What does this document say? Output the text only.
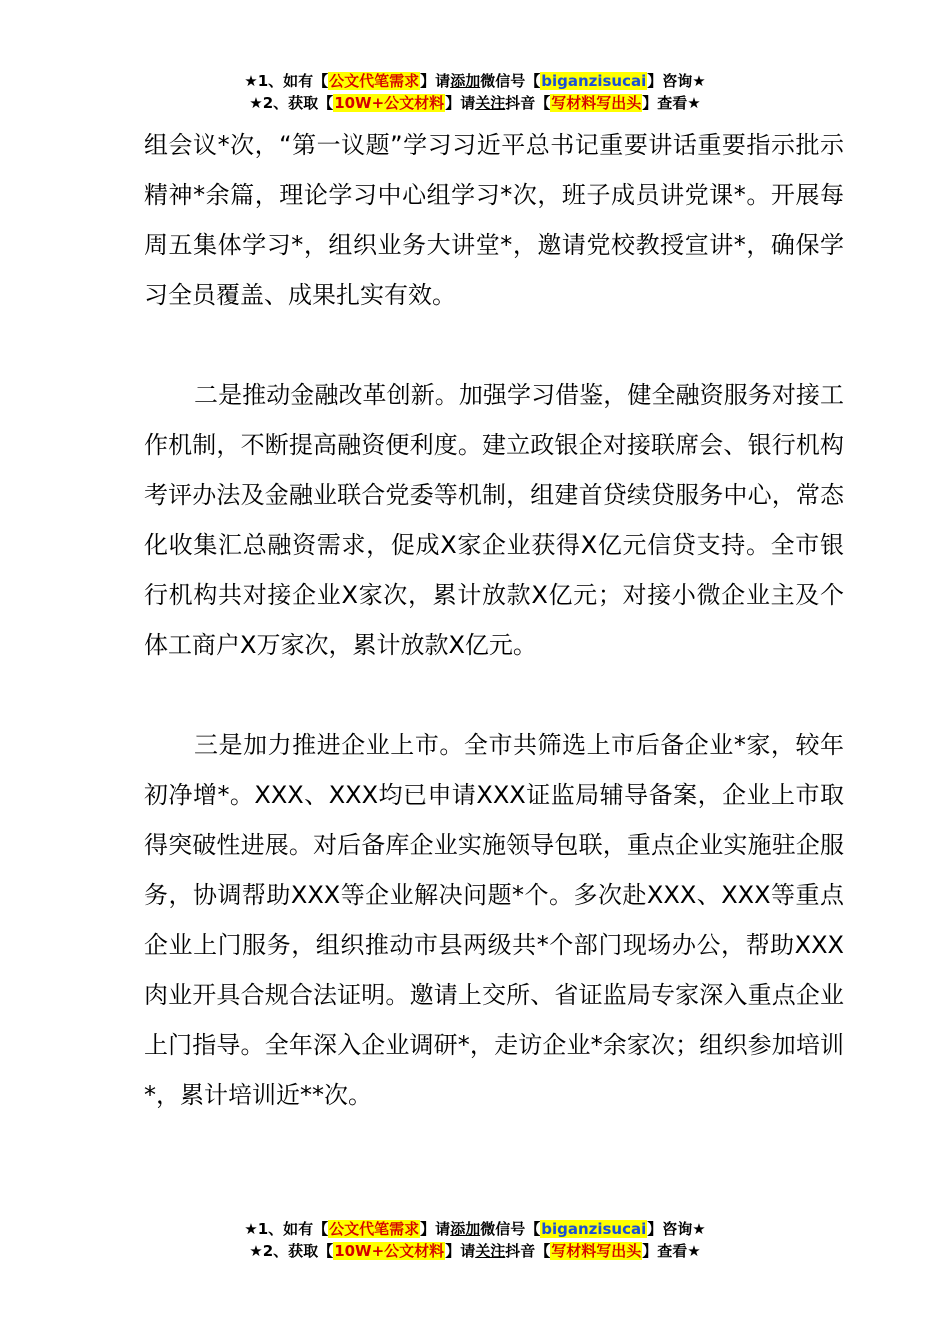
★1、如有【公文代笔需求】请添加微信号【biganzisucai】咨询★
★2、获取【10W+公文材料】请关注抖音【写材料写出头】查看★

组会议*次，“第一议题”学习习近平总书记重要讲话重要指示批示精神*余篇，理论学习中心组学习*次，班子成员讲党课*。开展每周五集体学习*，组织业务大讲堂*，邀请党校教授宣讲*，确保学习全员覆盖、成果扎实有效。

二是推动金融改革创新。加强学习借鉴，健全融资服务对接工作机制，不断提高融资便利度。建立政银企对接联席会、银行机构考评办法及金融业联合党委等机制，组建首贷续贷服务中心，常态化收集汇总融资需求，促成X家企业获得X亿元信贷支持。全市银行机构共对接企业X家次，累计放款X亿元；对接小微企业主及个体工商户X万家次，累计放款X亿元。

三是加力推进企业上市。全市共筛选上市后备企业*家，较年初净增*。XXX、XXX均已申请XXX证监局辅导备案，企业上市取得突破性进展。对后备库企业实施领导包联，重点企业实施驻企服务，协调帮助XXX等企业解决问题*个。多次赴XXX、XXX等重点企业上门服务，组织推动市县两级共*个部门现场办公，帮助XXX肉业开具合规合法证明。邀请上交所、省证监局专家深入重点企业上门指导。全年深入企业调研*，走访企业*余家次；组织参加培训*，累计培训近**次。

★1、如有【公文代笔需求】请添加微信号【biganzisucai】咨询★
★2、获取【10W+公文材料】请关注抖音【写材料写出头】查看★
